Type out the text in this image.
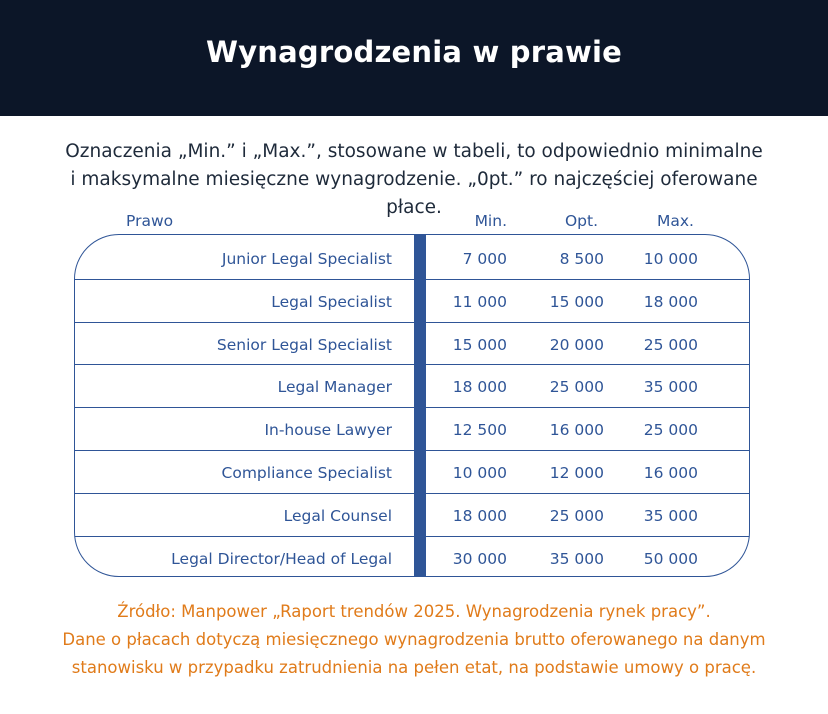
Wynagrodzenia w prawie

Oznaczenia „Min.” i „Max.”, stosowane w tabeli, to odpowiednio minimalne

i maksymalne miesięczne wynagrodzenie. „0pt.” ro najczęściej oferowane płace.

Prawo	Min.	Opt.	Max.
Junior Legal Specialist	7 000	8 500	10 000
Legal Specialist	11 000	15 000	18 000
Senior Legal Specialist	15 000	20 000	25 000
Legal Manager	18 000	25 000	35 000
In-house Lawyer	12 500	16 000	25 000
Compliance Specialist	10 000	12 000	16 000
Legal Counsel	18 000	25 000	35 000
Legal Director/Head of Legal	30 000	35 000	50 000

Źródło: Manpower „Raport trendów 2025. Wynagrodzenia rynek pracy”.

Dane o płacach dotyczą miesięcznego wynagrodzenia brutto oferowanego na danym

stanowisku w przypadku zatrudnienia na pełen etat, na podstawie umowy o pracę.
